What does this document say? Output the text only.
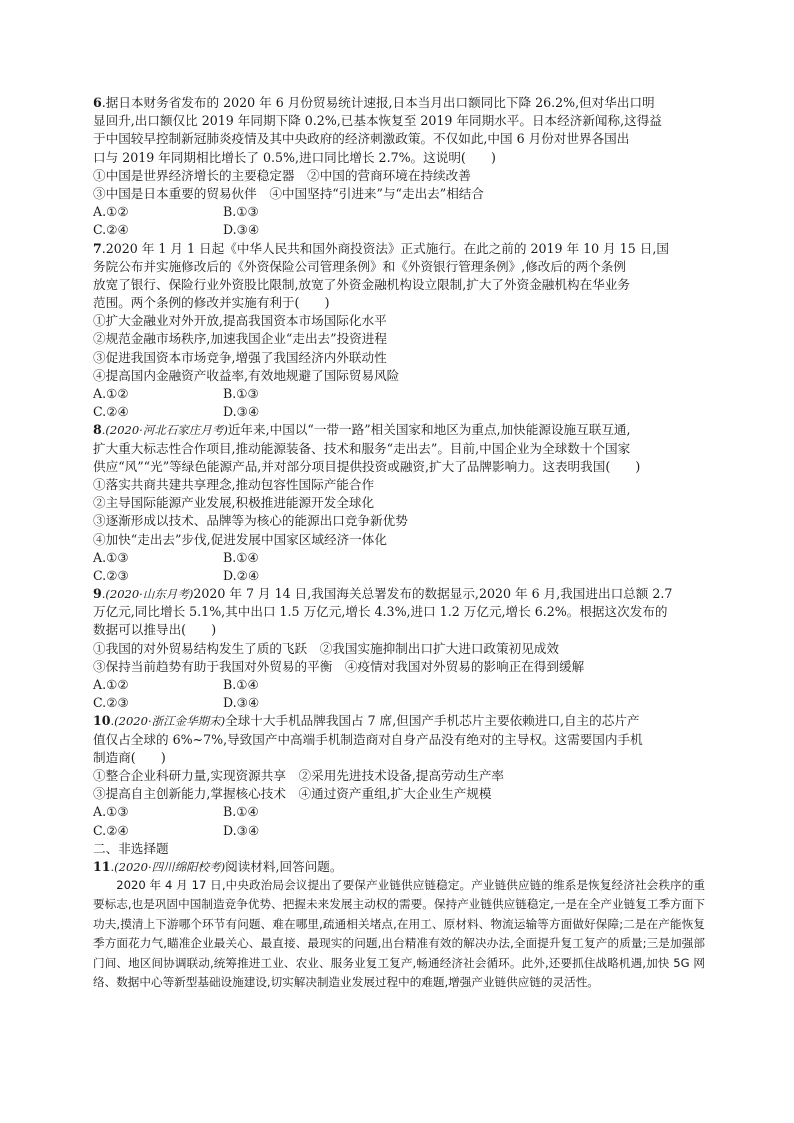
6.据日本财务省发布的 2020 年 6 月份贸易统计速报,日本当月出口额同比下降 26.2%,但对华出口明
显回升,出口额仅比 2019 年同期下降 0.2%,已基本恢复至 2019 年同期水平。日本经济新闻称,这得益
于中国较早控制新冠肺炎疫情及其中央政府的经济刺激政策。不仅如此,中国 6 月份对世界各国出
口与 2019 年同期相比增长了 0.5%,进口同比增长 2.7%。这说明(　　)
①中国是世界经济增长的主要稳定器　②中国的营商环境在持续改善
③中国是日本重要的贸易伙伴　④中国坚持“引进来”与“走出去”相结合
A.①②	B.①③
C.②④	D.③④
7.2020 年 1 月 1 日起《中华人民共和国外商投资法》正式施行。在此之前的 2019 年 10 月 15 日,国
务院公布并实施修改后的《外资保险公司管理条例》和《外资银行管理条例》,修改后的两个条例
放宽了银行、保险行业外资股比限制,放宽了外资金融机构设立限制,扩大了外资金融机构在华业务
范围。两个条例的修改并实施有利于(　　)
①扩大金融业对外开放,提高我国资本市场国际化水平
②规范金融市场秩序,加速我国企业“走出去”投资进程
③促进我国资本市场竞争,增强了我国经济内外联动性
④提高国内金融资产收益率,有效地规避了国际贸易风险
A.①②	B.①③
C.②④	D.③④
8.(2020·河北石家庄月考)近年来,中国以“一带一路”相关国家和地区为重点,加快能源设施互联互通,
扩大重大标志性合作项目,推动能源装备、技术和服务“走出去”。目前,中国企业为全球数十个国家
供应“风”“光”等绿色能源产品,并对部分项目提供投资或融资,扩大了品牌影响力。这表明我国(　　)
①落实共商共建共享理念,推动包容性国际产能合作
②主导国际能源产业发展,积极推进能源开发全球化
③逐渐形成以技术、品牌等为核心的能源出口竞争新优势
④加快“走出去”步伐,促进发展中国家区域经济一体化
A.①③	B.①④
C.②③	D.②④
9.(2020·山东月考)2020 年 7 月 14 日,我国海关总署发布的数据显示,2020 年 6 月,我国进出口总额 2.7
万亿元,同比增长 5.1%,其中出口 1.5 万亿元,增长 4.3%,进口 1.2 万亿元,增长 6.2%。根据这次发布的
数据可以推导出(　　)
①我国的对外贸易结构发生了质的飞跃　②我国实施抑制出口扩大进口政策初见成效
③保持当前趋势有助于我国对外贸易的平衡　④疫情对我国对外贸易的影响正在得到缓解
A.①②	B.①④
C.②③	D.③④
10.(2020·浙江金华期末)全球十大手机品牌我国占 7 席,但国产手机芯片主要依赖进口,自主的芯片产
值仅占全球的 6%~7%,导致国产中高端手机制造商对自身产品没有绝对的主导权。这需要国内手机
制造商(　　)
①整合企业科研力量,实现资源共享　②采用先进技术设备,提高劳动生产率
③提高自主创新能力,掌握核心技术　④通过资产重组,扩大企业生产规模
A.①③	B.①④
C.②④	D.③④
二、非选择题
11.(2020·四川绵阳校考)阅读材料,回答问题。
2020 年 4 月 17 日,中央政治局会议提出了要保产业链供应链稳定。产业链供应链的维系是恢复经济社会秩序的重要标志,也是巩固中国制造竞争优势、把握未来发展主动权的需要。保持产业链供应链稳定,一是在全产业链复工季方面下功夫,摸清上下游哪个环节有问题、难在哪里,疏通相关堵点,在用工、原材料、物流运输等方面做好保障;二是在产能恢复季方面花力气,瞄准企业最关心、最直接、最现实的问题,出台精准有效的解决办法,全面提升复工复产的质量;三是加强部门间、地区间协调联动,统筹推进工业、农业、服务业复工复产,畅通经济社会循环。此外,还要抓住战略机遇,加快 5G 网络、数据中心等新型基础设施建设,切实解决制造业发展过程中的难题,增强产业链供应链的灵活性。
